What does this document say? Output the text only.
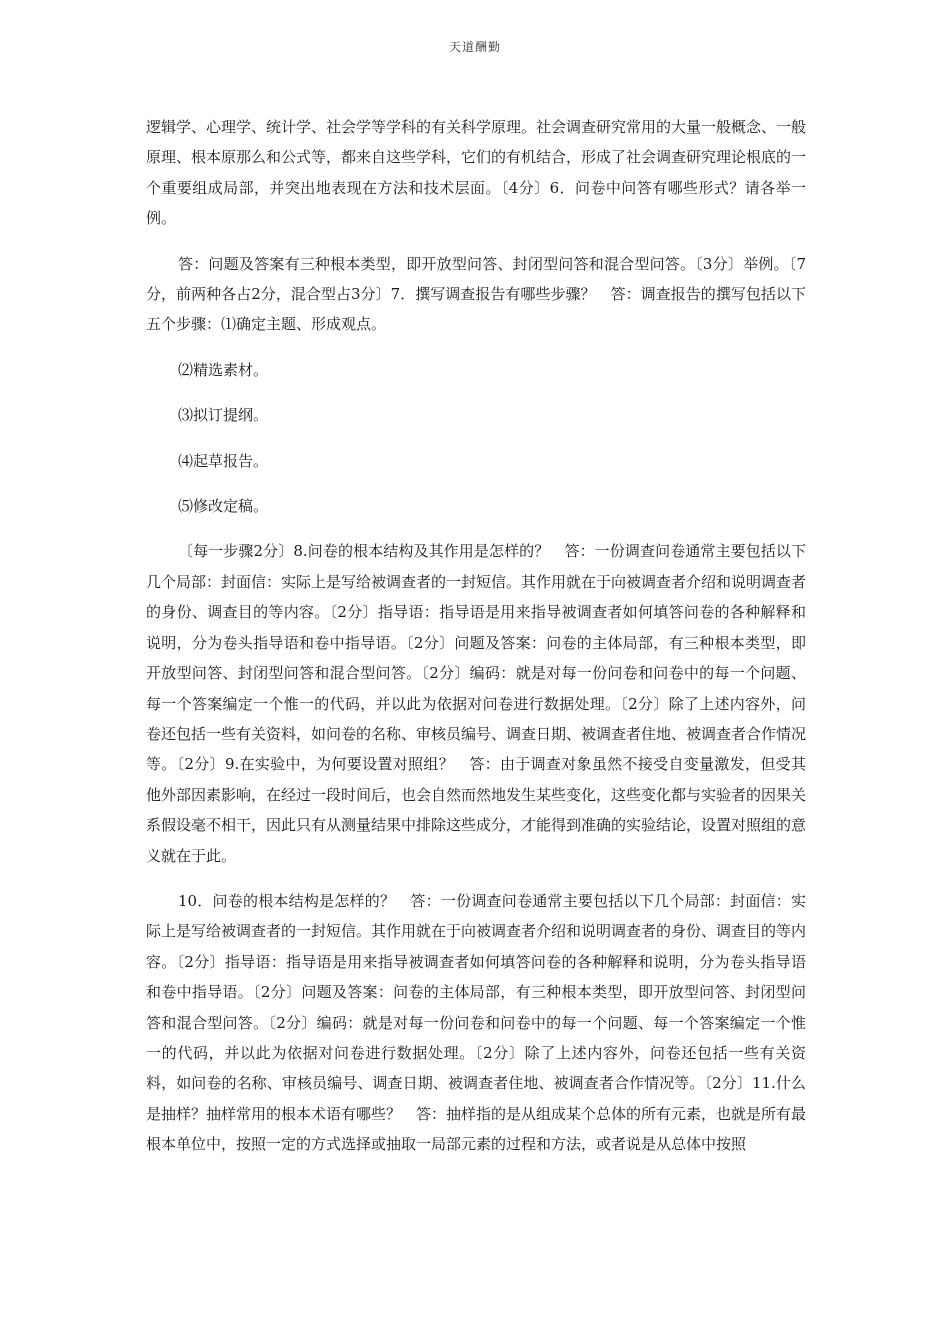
天道酬勤

逻辑学、心理学、统计学、社会学等学科的有关科学原理。社会调查研究常用的大量一般概念、一般原理、根本原那么和公式等，都来自这些学科，它们的有机结合，形成了社会调查研究理论根底的一个重要组成局部，并突出地表现在方法和技术层面。〔4分〕6．问卷中问答有哪些形式？请各举一例。

答：问题及答案有三种根本类型，即开放型问答、封闭型问答和混合型问答。〔3分〕举例。〔7分，前两种各占2分，混合型占3分〕7．撰写调查报告有哪些步骤？　答：调查报告的撰写包括以下五个步骤：⑴确定主题、形成观点。

⑵精选素材。

⑶拟订提纲。

⑷起草报告。

⑸修改定稿。

〔每一步骤2分〕8.问卷的根本结构及其作用是怎样的？　答：一份调查问卷通常主要包括以下几个局部：封面信：实际上是写给被调查者的一封短信。其作用就在于向被调查者介绍和说明调查者的身份、调查目的等内容。〔2分〕指导语：指导语是用来指导被调查者如何填答问卷的各种解释和说明，分为卷头指导语和卷中指导语。〔2分〕问题及答案：问卷的主体局部，有三种根本类型，即开放型问答、封闭型问答和混合型问答。〔2分〕编码：就是对每一份问卷和问卷中的每一个问题、每一个答案编定一个惟一的代码，并以此为依据对问卷进行数据处理。〔2分〕除了上述内容外，问卷还包括一些有关资料，如问卷的名称、审核员编号、调查日期、被调查者住地、被调查者合作情况等。〔2分〕9.在实验中，为何要设置对照组？　答：由于调查对象虽然不接受自变量激发，但受其他外部因素影响，在经过一段时间后，也会自然而然地发生某些变化，这些变化都与实验者的因果关系假设毫不相干，因此只有从测量结果中排除这些成分，才能得到准确的实验结论，设置对照组的意义就在于此。

10．问卷的根本结构是怎样的？　答：一份调查问卷通常主要包括以下几个局部：封面信：实际上是写给被调查者的一封短信。其作用就在于向被调查者介绍和说明调查者的身份、调查目的等内容。〔2分〕指导语：指导语是用来指导被调查者如何填答问卷的各种解释和说明，分为卷头指导语和卷中指导语。〔2分〕问题及答案：问卷的主体局部，有三种根本类型，即开放型问答、封闭型问答和混合型问答。〔2分〕编码：就是对每一份问卷和问卷中的每一个问题、每一个答案编定一个惟一的代码，并以此为依据对问卷进行数据处理。〔2分〕除了上述内容外，问卷还包括一些有关资料，如问卷的名称、审核员编号、调查日期、被调查者住地、被调查者合作情况等。〔2分〕11.什么是抽样？抽样常用的根本术语有哪些？　答：抽样指的是从组成某个总体的所有元素，也就是所有最根本单位中，按照一定的方式选择或抽取一局部元素的过程和方法，或者说是从总体中按照
